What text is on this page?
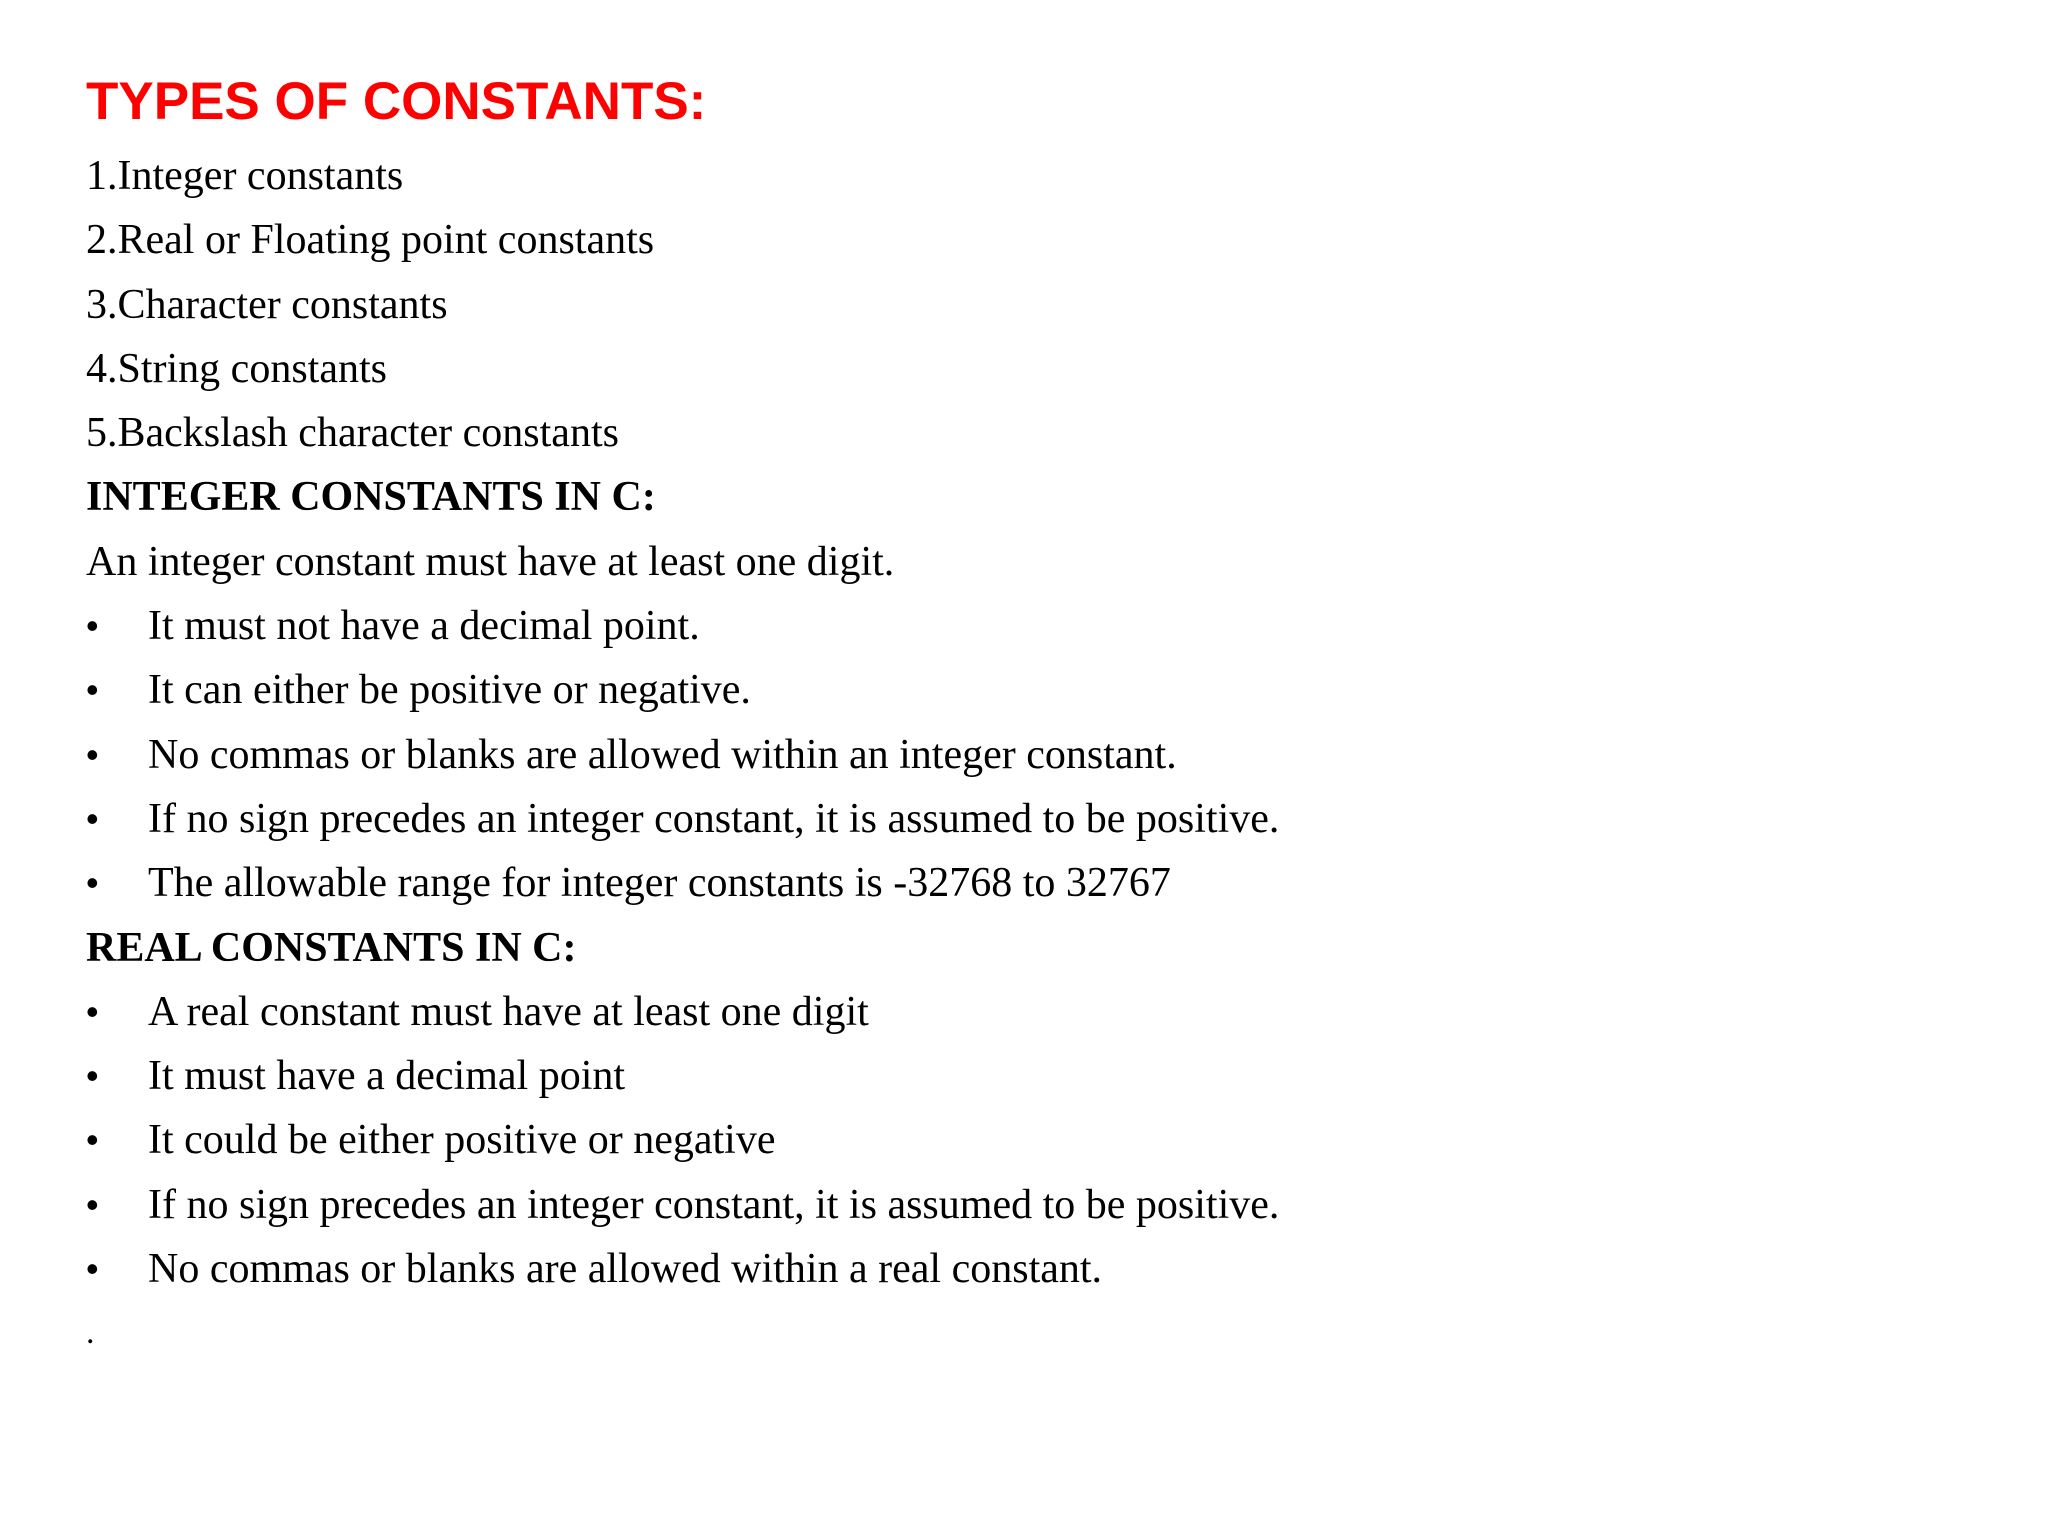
TYPES OF CONSTANTS:
1.Integer constants
2.Real or Floating point constants
3.Character constants
4.String constants
5.Backslash character constants
INTEGER CONSTANTS IN C:
An integer constant must have at least one digit.
• It must not have a decimal point.
• It can either be positive or negative.
• No commas or blanks are allowed within an integer constant.
• If no sign precedes an integer constant, it is assumed to be positive.
• The allowable range for integer constants is -32768 to 32767
REAL CONSTANTS IN C:
• A real constant must have at least one digit
• It must have a decimal point
• It could be either positive or negative
• If no sign precedes an integer constant, it is assumed to be positive.
• No commas or blanks are allowed within a real constant.
.
